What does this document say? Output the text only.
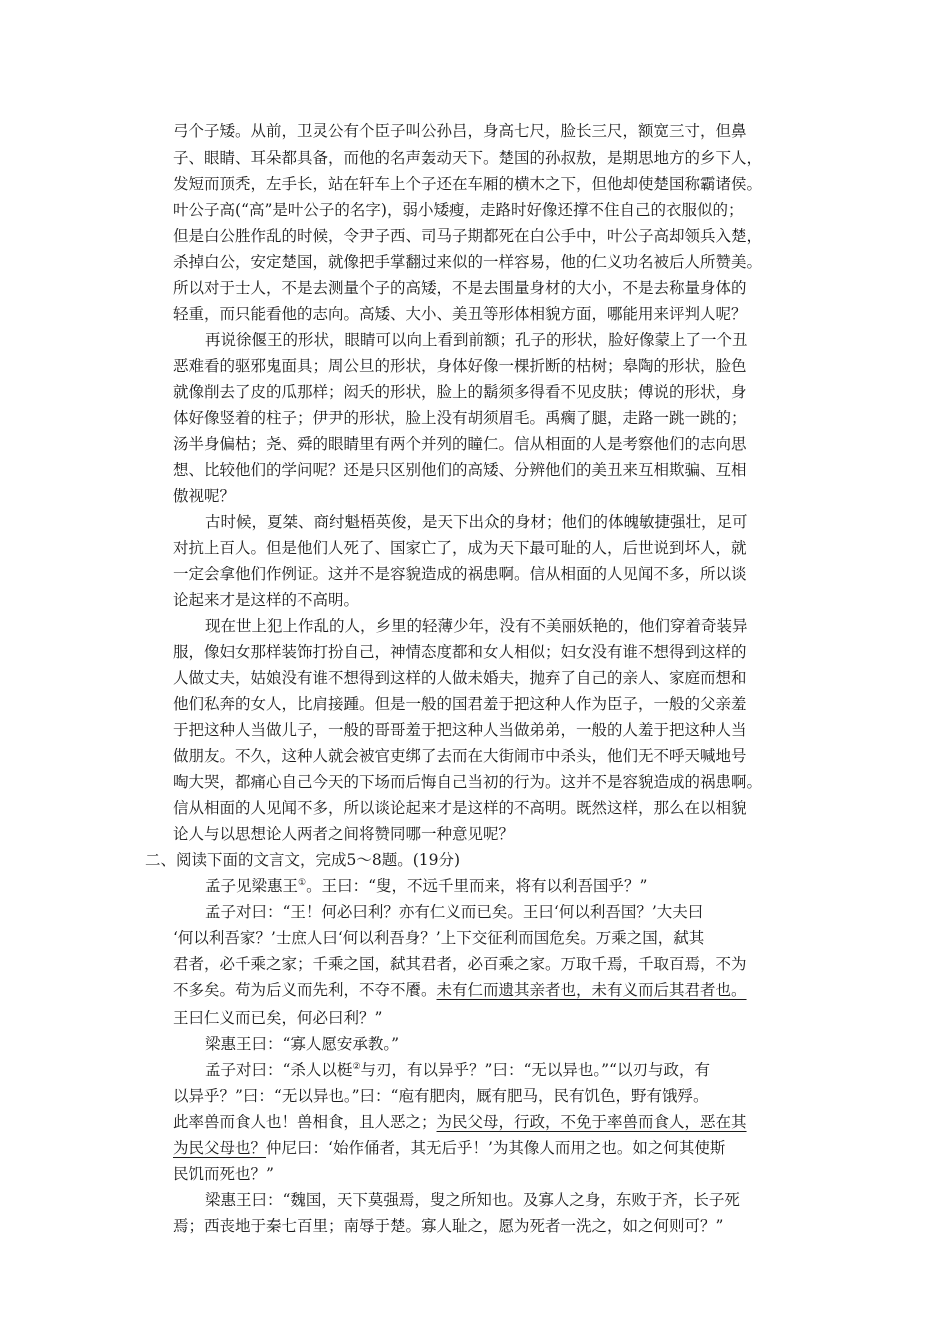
弓个子矮。从前，卫灵公有个臣子叫公孙吕，身高七尺，脸长三尺，额宽三寸，但鼻
子、眼睛、耳朵都具备，而他的名声轰动天下。楚国的孙叔敖，是期思地方的乡下人，
发短而顶秃，左手长，站在轩车上个子还在车厢的横木之下，但他却使楚国称霸诸侯。
叶公子高(“高”是叶公子的名字)，弱小矮瘦，走路时好像还撑不住自己的衣服似的；
但是白公胜作乱的时候，令尹子西、司马子期都死在白公手中，叶公子高却领兵入楚，
杀掉白公，安定楚国，就像把手掌翻过来似的一样容易，他的仁义功名被后人所赞美。
所以对于士人，不是去测量个子的高矮，不是去围量身材的大小，不是去称量身体的
轻重，而只能看他的志向。高矮、大小、美丑等形体相貌方面，哪能用来评判人呢？
再说徐偃王的形状，眼睛可以向上看到前额；孔子的形状，脸好像蒙上了一个丑
恶难看的驱邪鬼面具；周公旦的形状，身体好像一棵折断的枯树；皋陶的形状，脸色
就像削去了皮的瓜那样；闳夭的形状，脸上的鬍须多得看不见皮肤；傅说的形状，身
体好像竖着的柱子；伊尹的形状，脸上没有胡须眉毛。禹瘸了腿，走路一跳一跳的；
汤半身偏枯；尧、舜的眼睛里有两个并列的瞳仁。信从相面的人是考察他们的志向思
想、比较他们的学问呢？还是只区别他们的高矮、分辨他们的美丑来互相欺骗、互相
傲视呢？
古时候，夏桀、商纣魁梧英俊，是天下出众的身材；他们的体魄敏捷强壮，足可
对抗上百人。但是他们人死了、国家亡了，成为天下最可耻的人，后世说到坏人，就
一定会拿他们作例证。这并不是容貌造成的祸患啊。信从相面的人见闻不多，所以谈
论起来才是这样的不高明。
现在世上犯上作乱的人，乡里的轻薄少年，没有不美丽妖艳的，他们穿着奇装异
服，像妇女那样装饰打扮自己，神情态度都和女人相似；妇女没有谁不想得到这样的
人做丈夫，姑娘没有谁不想得到这样的人做未婚夫，抛弃了自己的亲人、家庭而想和
他们私奔的女人，比肩接踵。但是一般的国君羞于把这种人作为臣子，一般的父亲羞
于把这种人当做儿子，一般的哥哥羞于把这种人当做弟弟，一般的人羞于把这种人当
做朋友。不久，这种人就会被官吏绑了去而在大街闹市中杀头，他们无不呼天喊地号
啕大哭，都痛心自己今天的下场而后悔自己当初的行为。这并不是容貌造成的祸患啊。
信从相面的人见闻不多，所以谈论起来才是这样的不高明。既然这样，那么在以相貌
论人与以思想论人两者之间将赞同哪一种意见呢？
二、阅读下面的文言文，完成5～8题。(19分)
孟子见梁惠王①。王曰：“叟，不远千里而来，将有以利吾国乎？”
孟子对曰：“王！何必曰利？亦有仁义而已矣。王曰‘何以利吾国？’大夫曰
‘何以利吾家？’士庶人曰‘何以利吾身？’上下交征利而国危矣。万乘之国，弑其
君者，必千乘之家；千乘之国，弑其君者，必百乘之家。万取千焉，千取百焉，不为
不多矣。苟为后义而先利，不夺不餍。未有仁而遗其亲者也，未有义而后其君者也。
王曰仁义而已矣，何必曰利？”
梁惠王曰：“寡人愿安承教。”
孟子对曰：“杀人以梃②与刃，有以异乎？”曰：“无以异也。”“以刃与政，有
以异乎？”曰：“无以异也。”曰：“庖有肥肉，厩有肥马，民有饥色，野有饿殍。
此率兽而食人也！兽相食，且人恶之；为民父母，行政，不免于率兽而食人，恶在其
为民父母也？仲尼曰：‘始作俑者，其无后乎！’为其像人而用之也。如之何其使斯
民饥而死也？”
梁惠王曰：“魏国，天下莫强焉，叟之所知也。及寡人之身，东败于齐，长子死
焉；西丧地于秦七百里；南辱于楚。寡人耻之，愿为死者一洗之，如之何则可？”
